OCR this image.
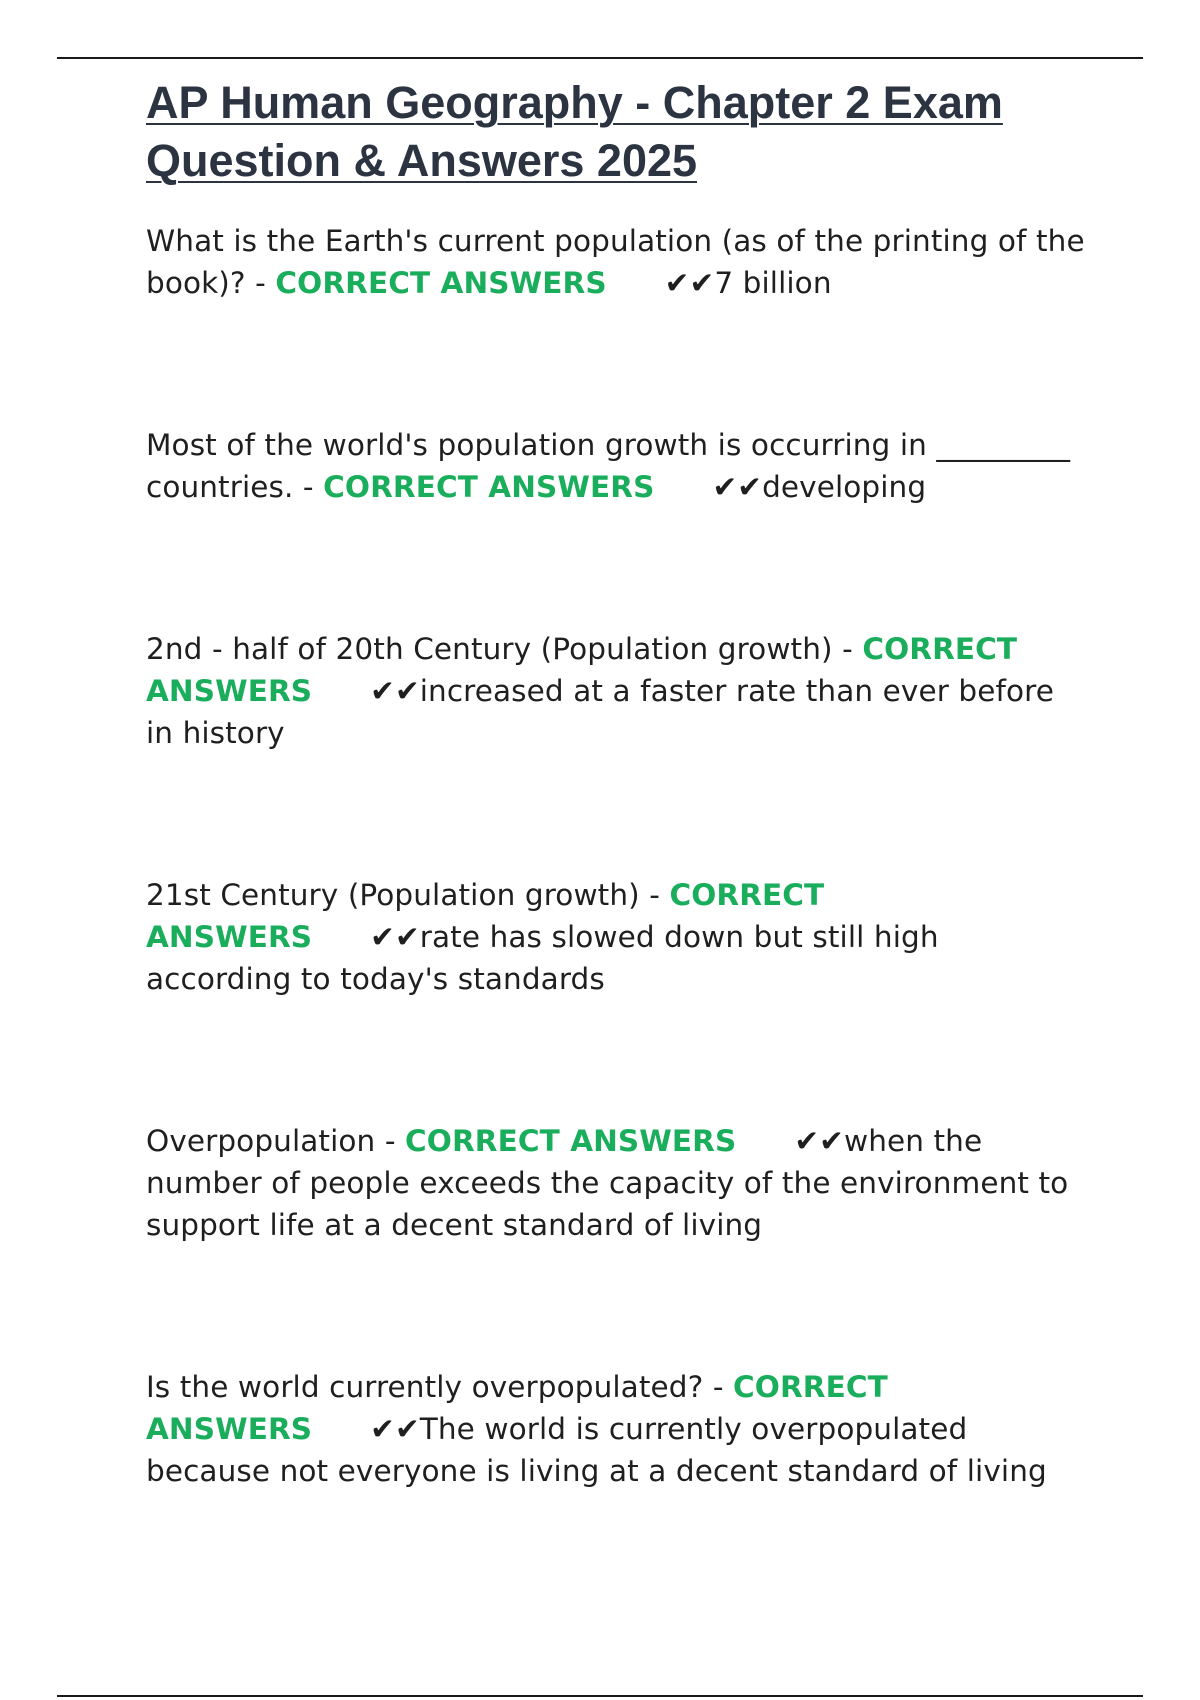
AP Human Geography - Chapter 2 Exam Question & Answers 2025
What is the Earth's current population (as of the printing of the book)? - CORRECT ANSWERS ✔✔7 billion
Most of the world's population growth is occurring in _________ countries. - CORRECT ANSWERS ✔✔developing
2nd - half of 20th Century (Population growth) - CORRECT ANSWERS ✔✔increased at a faster rate than ever before in history
21st Century (Population growth) - CORRECT ANSWERS ✔✔rate has slowed down but still high according to today's standards
Overpopulation - CORRECT ANSWERS ✔✔when the number of people exceeds the capacity of the environment to support life at a decent standard of living
Is the world currently overpopulated? - CORRECT ANSWERS ✔✔The world is currently overpopulated because not everyone is living at a decent standard of living
